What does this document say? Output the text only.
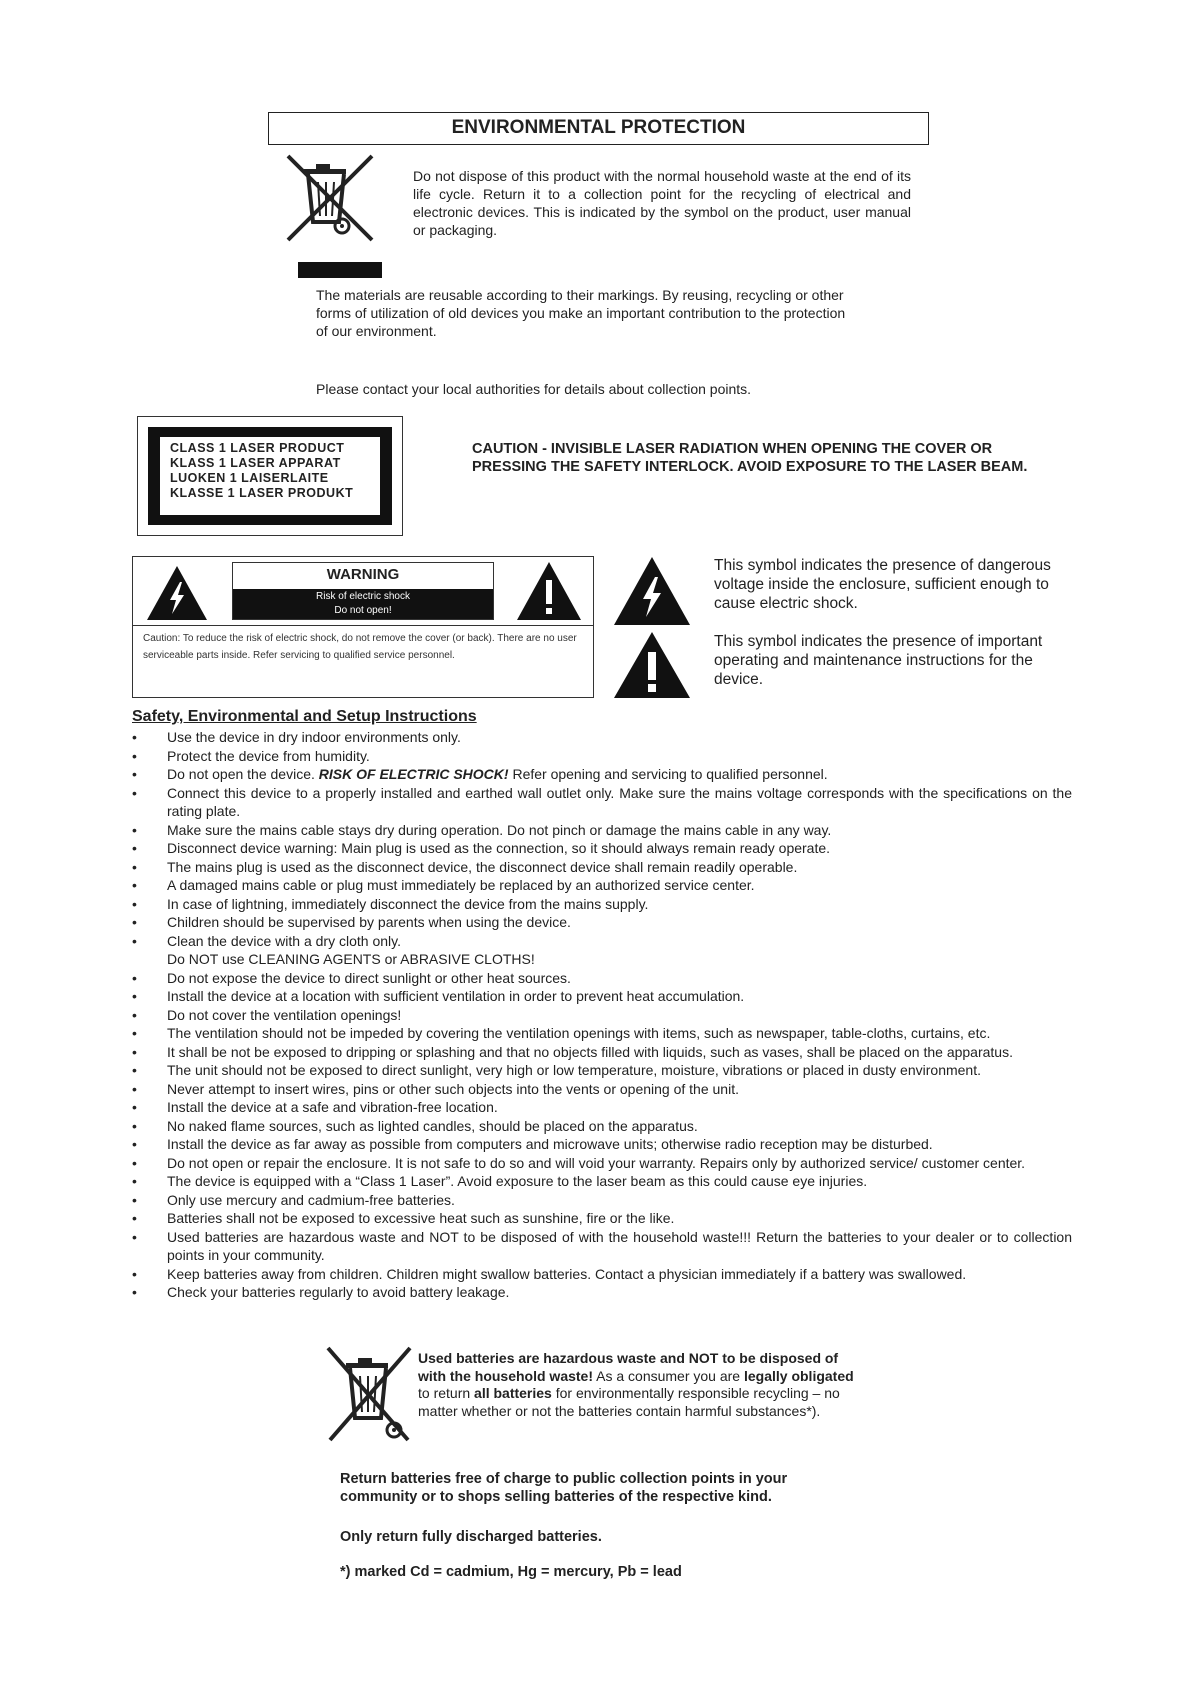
ENVIRONMENTAL PROTECTION
Do not dispose of this product with the normal household waste at the end of its life cycle. Return it to a collection point for the recycling of electrical and electronic devices. This is indicated by the symbol on the product, user manual or packaging.
The materials are reusable according to their markings. By reusing, recycling or other forms of utilization of old devices you make an important contribution to the protection of our environment.
Please contact your local authorities for details about collection points.
CLASS 1 LASER PRODUCT
KLASS 1 LASER APPARAT
LUOKEN 1 LAISERLAITE
KLASSE 1 LASER PRODUKT
CAUTION - INVISIBLE LASER RADIATION WHEN OPENING THE COVER OR
PRESSING THE SAFETY INTERLOCK. AVOID EXPOSURE TO THE LASER BEAM.
WARNING
Risk of electric shock
Do not open!
Caution: To reduce the risk of electric shock, do not remove the cover (or back). There are no user serviceable parts inside. Refer servicing to qualified service personnel.
This symbol indicates the presence of dangerous voltage inside the enclosure, sufficient enough to cause electric shock.
This symbol indicates the presence of important operating and maintenance instructions for the device.
Safety, Environmental and Setup Instructions
• Use the device in dry indoor environments only.
• Protect the device from humidity.
• Do not open the device. RISK OF ELECTRIC SHOCK! Refer opening and servicing to qualified personnel.
• Connect this device to a properly installed and earthed wall outlet only. Make sure the mains voltage corresponds with the specifications on the rating plate.
• Make sure the mains cable stays dry during operation. Do not pinch or damage the mains cable in any way.
• Disconnect device warning: Main plug is used as the connection, so it should always remain ready operate.
• The mains plug is used as the disconnect device, the disconnect device shall remain readily operable.
• A damaged mains cable or plug must immediately be replaced by an authorized service center.
• In case of lightning, immediately disconnect the device from the mains supply.
• Children should be supervised by parents when using the device.
• Clean the device with a dry cloth only.
Do NOT use CLEANING AGENTS or ABRASIVE CLOTHS!
• Do not expose the device to direct sunlight or other heat sources.
• Install the device at a location with sufficient ventilation in order to prevent heat accumulation.
• Do not cover the ventilation openings!
• The ventilation should not be impeded by covering the ventilation openings with items, such as newspaper, table-cloths, curtains, etc.
• It shall be not be exposed to dripping or splashing and that no objects filled with liquids, such as vases, shall be placed on the apparatus.
• The unit should not be exposed to direct sunlight, very high or low temperature, moisture, vibrations or placed in dusty environment.
• Never attempt to insert wires, pins or other such objects into the vents or opening of the unit.
• Install the device at a safe and vibration-free location.
• No naked flame sources, such as lighted candles, should be placed on the apparatus.
• Install the device as far away as possible from computers and microwave units; otherwise radio reception may be disturbed.
• Do not open or repair the enclosure. It is not safe to do so and will void your warranty. Repairs only by authorized service/ customer center.
• The device is equipped with a “Class 1 Laser”. Avoid exposure to the laser beam as this could cause eye injuries.
• Only use mercury and cadmium-free batteries.
• Batteries shall not be exposed to excessive heat such as sunshine, fire or the like.
• Used batteries are hazardous waste and NOT to be disposed of with the household waste!!! Return the batteries to your dealer or to collection points in your community.
• Keep batteries away from children. Children might swallow batteries. Contact a physician immediately if a battery was swallowed.
• Check your batteries regularly to avoid battery leakage.
Used batteries are hazardous waste and NOT to be disposed of with the household waste! As a consumer you are legally obligated to return all batteries for environmentally responsible recycling – no matter whether or not the batteries contain harmful substances*).
Return batteries free of charge to public collection points in your
community or to shops selling batteries of the respective kind.
Only return fully discharged batteries.
*) marked Cd = cadmium, Hg = mercury, Pb = lead
